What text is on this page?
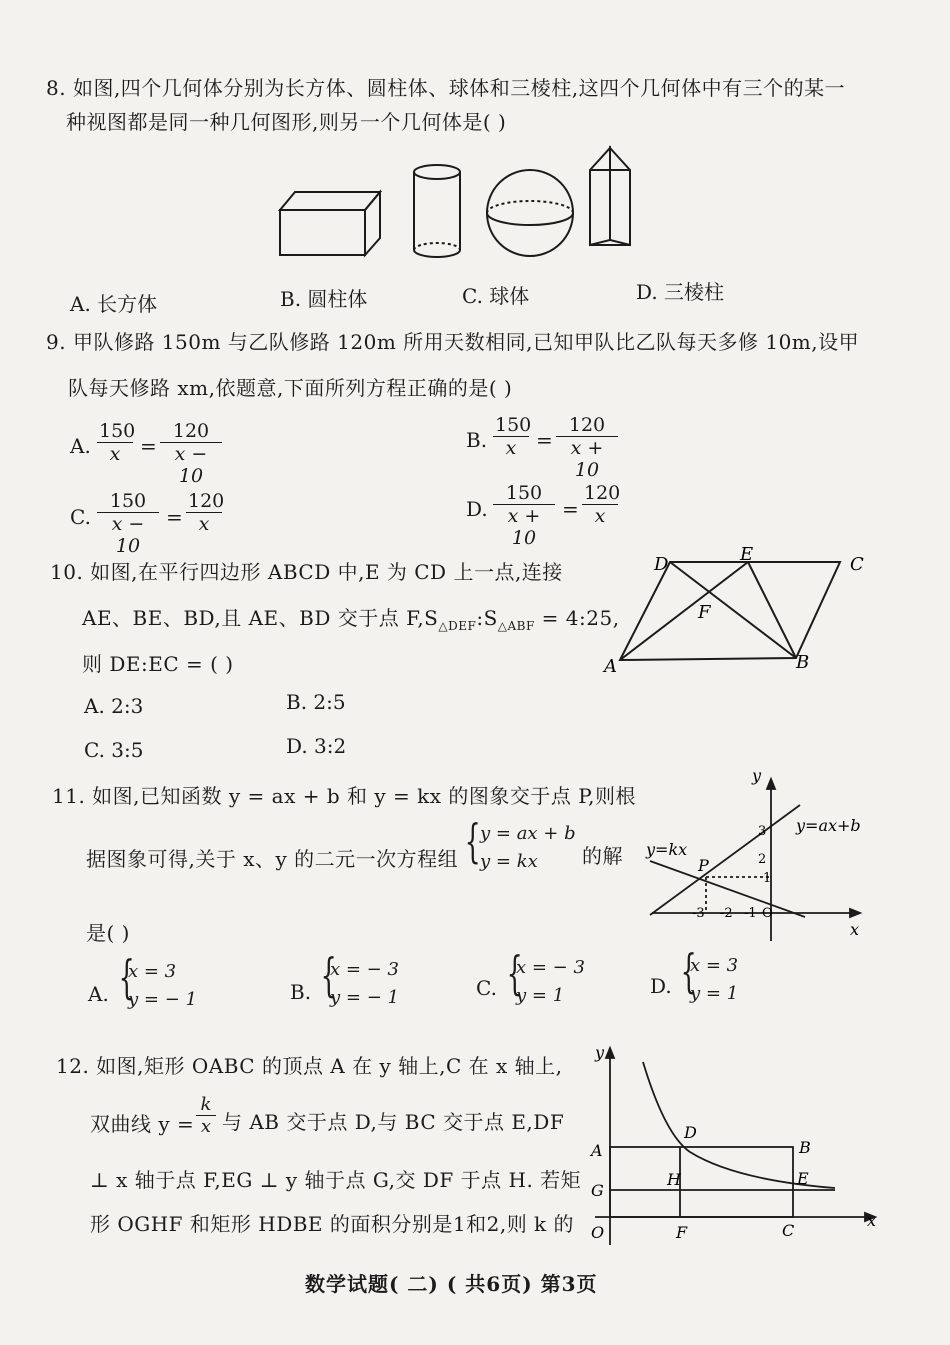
8. 如图,四个几何体分别为长方体、圆柱体、球体和三棱柱,这四个几何体中有三个的某一
种视图都是同一种几何图形,则另一个几何体是( )
A. 长方体	B. 圆柱体	C. 球体	D. 三棱柱
9. 甲队修路 150m 与乙队修路 120m 所用天数相同,已知甲队比乙队每天多修 10m,设甲
队每天修路 xm,依题意,下面所列方程正确的是( )
A. $\frac{150}{x} = \frac{120}{x - 10}$	B. $\frac{150}{x} = \frac{120}{x + 10}$
C. $\frac{150}{x - 10} = \frac{120}{x}$	D. $\frac{150}{x + 10} = \frac{120}{x}$
10. 如图,在平行四边形 ABCD 中,E 为 CD 上一点,连接
AE、BE、BD,且 AE、BD 交于点 $F,S_{\triangle DEF}:S_{\triangle ABF}$ = 4:25,
则 DE:EC = ( )
D	E	C
A	B
F
A. 2:3	B. 2:5
C. 3:5	D. 3:2
11. 如图,已知函数 y = ax + b 和 y = kx 的图象交于点 P,则根
据图象可得,关于 x、y 的二元一次方程组 { y = ax + b
y = kx	的解
是( )
y
x
y=ax+b
y=kx
P
3
2
1
-3 -2 -1 O
A. {
x = 3
y = − 1	B. {
x = − 3
y = − 1	C. {
x = − 3
y = 1	D. {
x = 3
y = 1
12. 如图,矩形 OABC 的顶点 A 在 y 轴上,C 在 x 轴上,
双曲线 $y = \frac{k}{x}$ 与 AB 交于点 D,与 BC 交于点 E,DF
⊥ x 轴于点 F,EG ⊥ y 轴于点 G,交 DF 于点 H. 若矩
形 OGHF 和矩形 HDBE 的面积分别是1和2,则 k 的
y
x
A	B
D
G
H	E
O	F	C
数学试题( 二) ( 共6页) 第3页
